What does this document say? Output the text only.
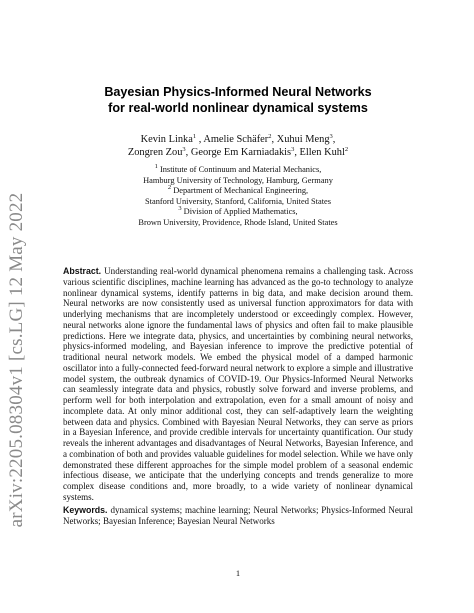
arXiv:2205.08304v1 [cs.LG] 12 May 2022
Bayesian Physics-Informed Neural Networks
for real-world nonlinear dynamical systems
Kevin Linka$^1$ , Amelie Schäfer$^2$, Xuhui Meng$^3$,
Zongren Zou$^3$, George Em Karniadakis$^3$, Ellen Kuhl$^2$
$^1$ Institute of Continuum and Material Mechanics,
Hamburg University of Technology, Hamburg, Germany
$^2$ Department of Mechanical Engineering,
Stanford University, Stanford, California, United States
$^3$ Division of Applied Mathematics,
Brown University, Providence, Rhode Island, United States
Abstract. Understanding real-world dynamical phenomena remains a challenging task. Across various scientific disciplines, machine learning has advanced as the go-to technology to analyze nonlinear dynamical systems, identify patterns in big data, and make decision around them. Neural networks are now consistently used as universal function approximators for data with underlying mechanisms that are incompletely understood or exceedingly complex. However, neural networks alone ignore the fundamental laws of physics and often fail to make plausible predictions. Here we integrate data, physics, and uncertainties by combining neural networks, physics-informed modeling, and Bayesian inference to improve the predictive potential of traditional neural network models. We embed the physical model of a damped harmonic oscillator into a fully-connected feed-forward neural network to explore a simple and illustrative model system, the outbreak dynamics of COVID-19. Our Physics-Informed Neural Networks can seamlessly integrate data and physics, robustly solve forward and inverse problems, and perform well for both interpolation and extrapolation, even for a small amount of noisy and incomplete data. At only minor additional cost, they can self-adaptively learn the weighting between data and physics. Combined with Bayesian Neural Networks, they can serve as priors in a Bayesian Inference, and provide credible intervals for uncertainty quantification. Our study reveals the inherent advantages and disadvantages of Neural Networks, Bayesian Inference, and a combination of both and provides valuable guidelines for model selection. While we have only demonstrated these different approaches for the simple model problem of a seasonal endemic infectious disease, we anticipate that the underlying concepts and trends generalize to more complex disease conditions and, more broadly, to a wide variety of nonlinear dynamical systems.
Keywords. dynamical systems; machine learning; Neural Networks; Physics-Informed Neural Networks; Bayesian Inference; Bayesian Neural Networks
1
